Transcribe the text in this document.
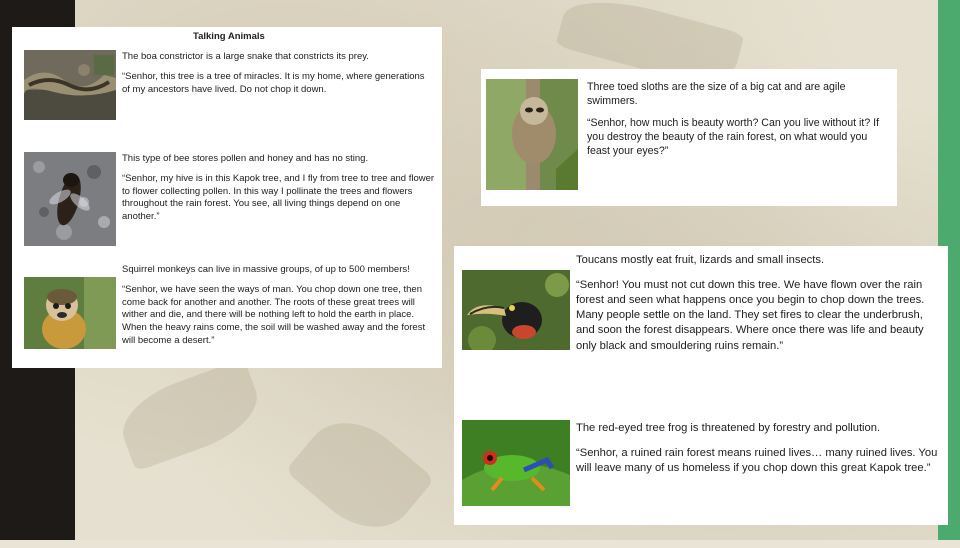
Talking Animals

The boa constrictor is a large snake that constricts its prey.

“Senhor, this tree is a tree of miracles. It is my home, where generations of my ancestors have lived. Do not chop it down.

This type of bee stores pollen and honey and has no sting.

“Senhor, my hive is in this Kapok tree, and I fly from tree to tree and flower to flower collecting pollen. In this way I pollinate the trees and flowers throughout the rain forest. You see, all living things depend on one another.”

Squirrel monkeys can live in massive groups, of up to 500 members!

“Senhor, we have seen the ways of man. You chop down one tree, then come back for another and another. The roots of these great trees will wither and die, and there will be nothing left to hold the earth in place. When the heavy rains come, the soil will be washed away and the forest will become a desert.”

Three toed sloths are the size of a big cat and are agile swimmers.

“Senhor, how much is beauty worth? Can you live without it? If you destroy the beauty of the rain forest, on what would you feast your eyes?”

Toucans mostly eat fruit, lizards and small insects.

“Senhor! You must not cut down this tree. We have flown over the rain forest and seen what happens once you begin to chop down the trees. Many people settle on the land. They set fires to clear the underbrush, and soon the forest disappears. Where once there was life and beauty only black and smouldering ruins remain.”

The red-eyed tree frog is threatened by forestry and pollution.

“Senhor, a ruined rain forest means ruined lives… many ruined lives. You will leave many of us homeless if you chop down this great Kapok tree.”
